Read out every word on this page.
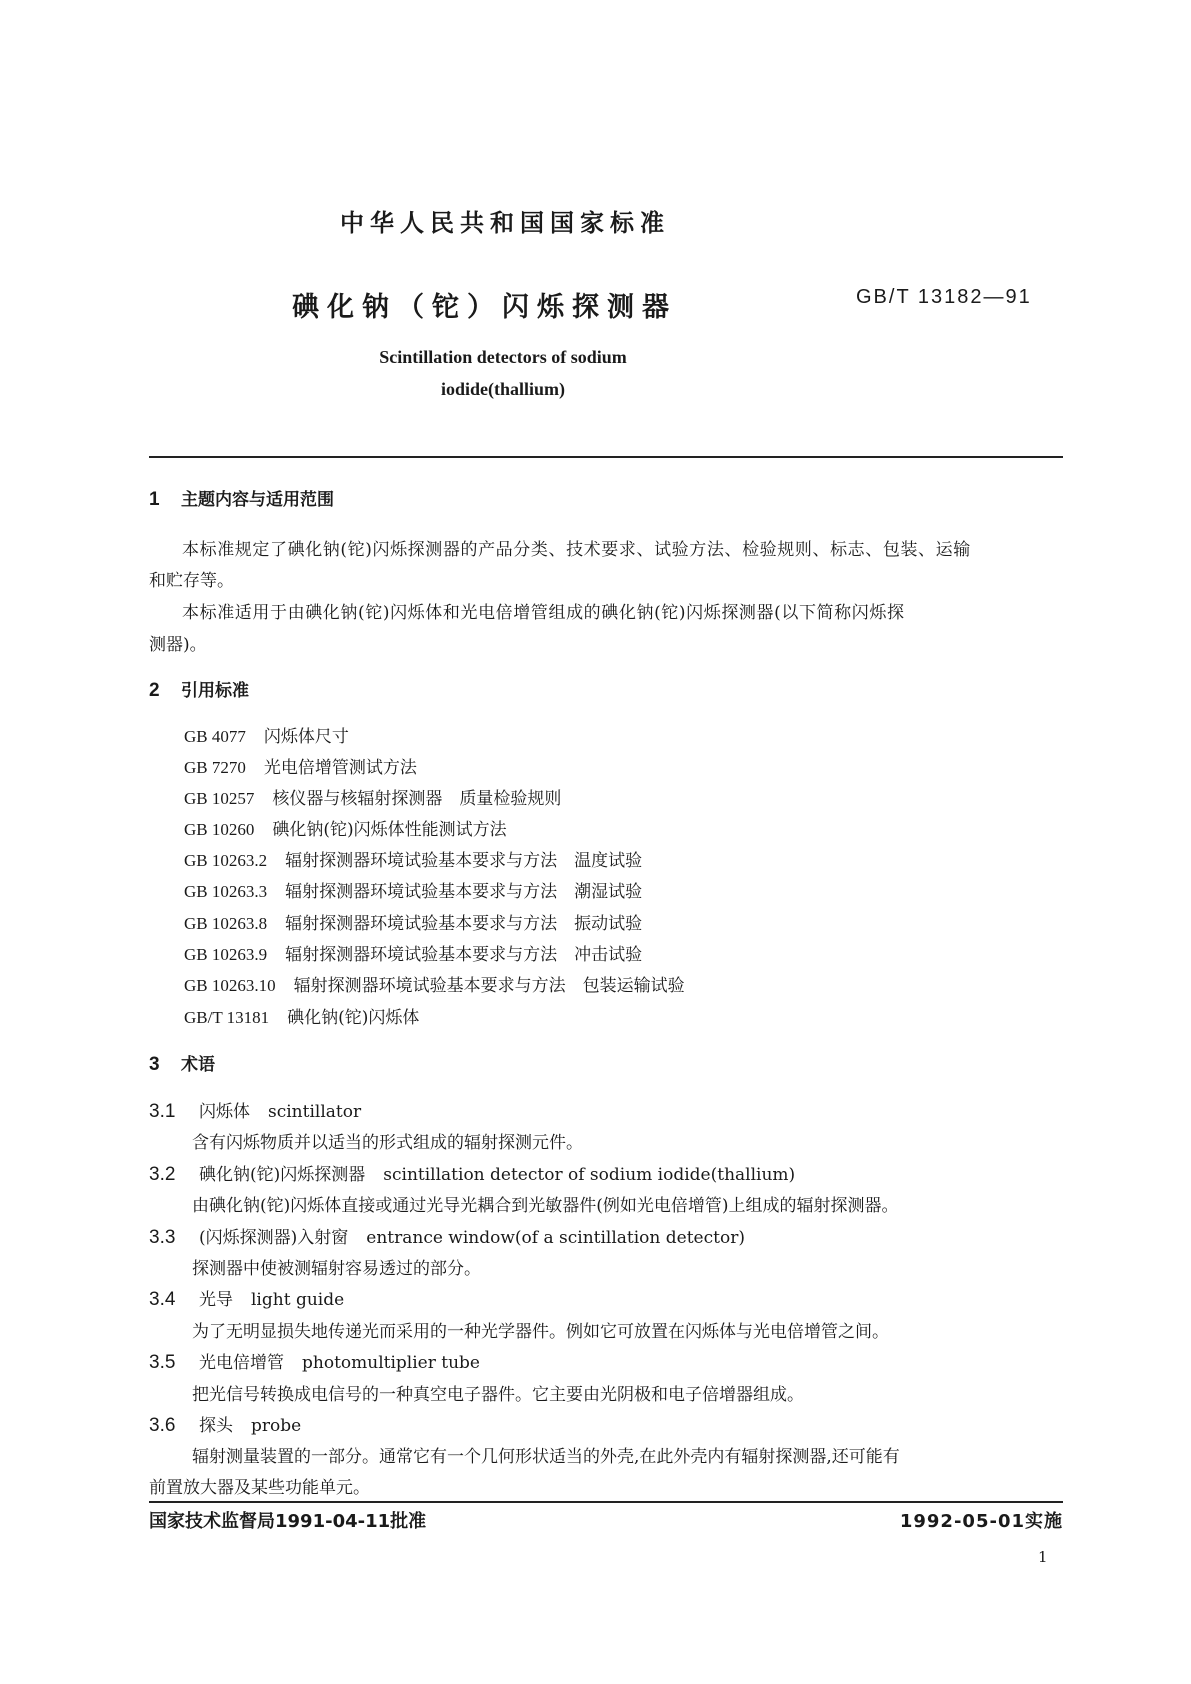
中华人民共和国国家标准
碘化钠（铊）闪烁探测器	GB/T 13182—91
Scintillation detectors of sodium
iodide(thallium)
1 主题内容与适用范围
本标准规定了碘化钠(铊)闪烁探测器的产品分类、技术要求、试验方法、检验规则、标志、包装、运输
和贮存等。
本标准适用于由碘化钠(铊)闪烁体和光电倍增管组成的碘化钠(铊)闪烁探测器(以下简称闪烁探
测器)。
2 引用标准
GB 4077 闪烁体尺寸
GB 7270 光电倍增管测试方法
GB 10257 核仪器与核辐射探测器　质量检验规则
GB 10260 碘化钠(铊)闪烁体性能测试方法
GB 10263.2 辐射探测器环境试验基本要求与方法　温度试验
GB 10263.3 辐射探测器环境试验基本要求与方法　潮湿试验
GB 10263.8 辐射探测器环境试验基本要求与方法　振动试验
GB 10263.9 辐射探测器环境试验基本要求与方法　冲击试验
GB 10263.10 辐射探测器环境试验基本要求与方法　包装运输试验
GB/T 13181 碘化钠(铊)闪烁体
3 术语
3.1 闪烁体 scintillator
含有闪烁物质并以适当的形式组成的辐射探测元件。
3.2 碘化钠(铊)闪烁探测器 scintillation detector of sodium iodide(thallium)
由碘化钠(铊)闪烁体直接或通过光导光耦合到光敏器件(例如光电倍增管)上组成的辐射探测器。
3.3 (闪烁探测器)入射窗 entrance window(of a scintillation detector)
探测器中使被测辐射容易透过的部分。
3.4 光导 light guide
为了无明显损失地传递光而采用的一种光学器件。例如它可放置在闪烁体与光电倍增管之间。
3.5 光电倍增管 photomultiplier tube
把光信号转换成电信号的一种真空电子器件。它主要由光阴极和电子倍增器组成。
3.6 探头 probe
辐射测量装置的一部分。通常它有一个几何形状适当的外壳,在此外壳内有辐射探测器,还可能有
前置放大器及某些功能单元。
国家技术监督局1991-04-11批准	1992-05-01实施
1
